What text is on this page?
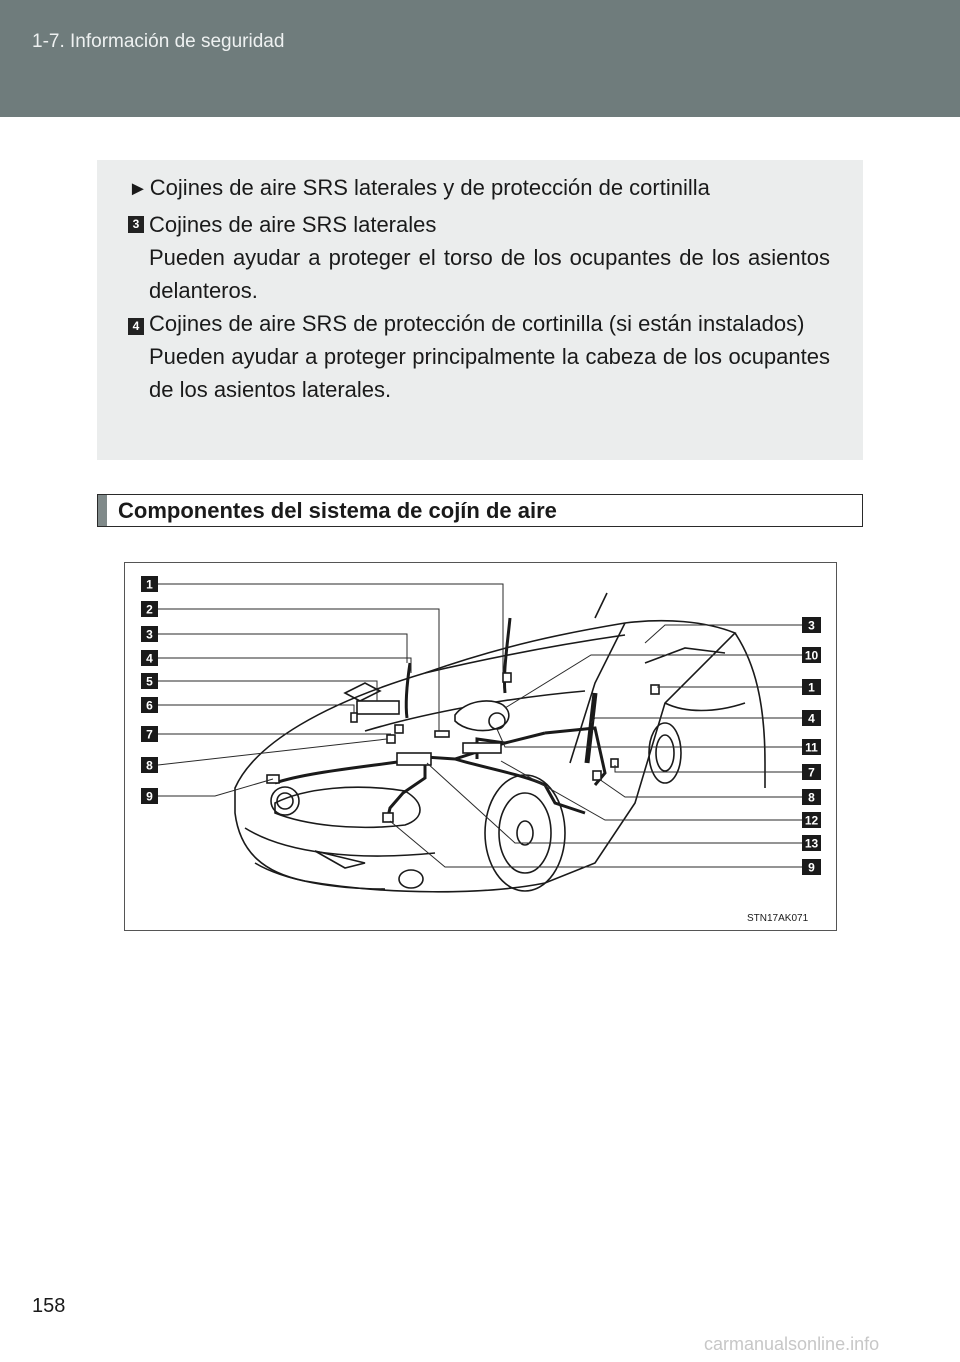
1-7. Información de seguridad
►Cojines de aire SRS laterales y de protección de cortinilla
3 Cojines de aire SRS laterales
Pueden ayudar a proteger el torso de los ocupantes de los asientos delanteros.
4 Cojines de aire SRS de protección de cortinilla (si están instalados)
Pueden ayudar a proteger principalmente la cabeza de los ocupantes de los asientos laterales.
Componentes del sistema de cojín de aire
1
2
3
4
5
6
7
8
9
3
10
1
4
11
7
8
12
13
9
STN17AK071
158
carmanualsonline.info
